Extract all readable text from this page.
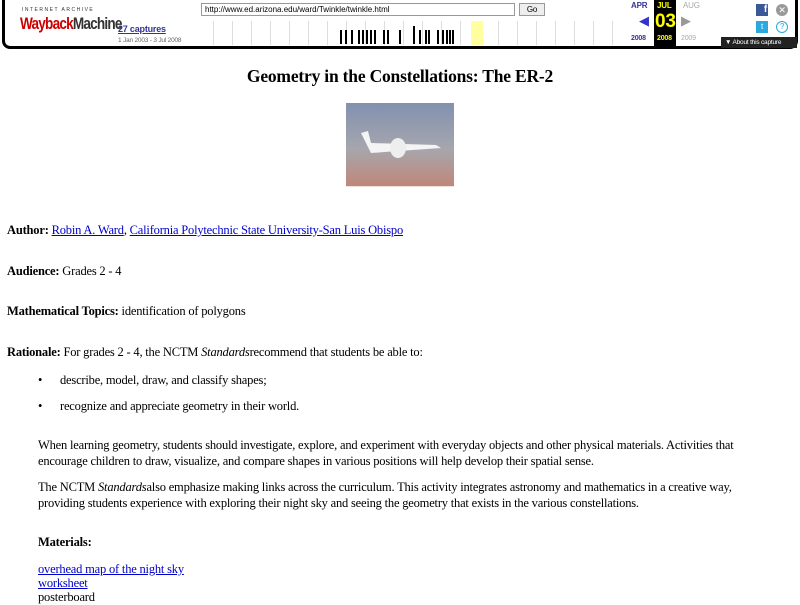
INTERNET ARCHIVE
WaybackMachine
27 captures
1 Jan 2003 - 3 Jul 2008
http://www.ed.arizona.edu/ward/Twinkle/twinkle.html
Go	APR JUL AUG
◀ 03 ▶
2008 2008 2009
f ✕
t	?
▼ About this capture
Geometry in the Constellations: The ER-2

Author: Robin A. Ward, California Polytechnic State University-San Luis Obispo

Audience: Grades 2 - 4

Mathematical Topics: identification of polygons

Rationale: For grades 2 - 4, the NCTM Standardsrecommend that students be able to:

• describe, model, draw, and classify shapes;
• recognize and appreciate geometry in their world.

When learning geometry, students should investigate, explore, and experiment with everyday objects and other physical materials. Activities that encourage children to draw, visualize, and compare shapes in various positions will help develop their spatial sense.

The NCTM Standardsalso emphasize making links across the curriculum. This activity integrates astronomy and mathematics in a creative way, providing students experience with exploring their night sky and seeing the geometry that exists in the various constellations.

Materials:

overhead map of the night sky
worksheet
posterboard
